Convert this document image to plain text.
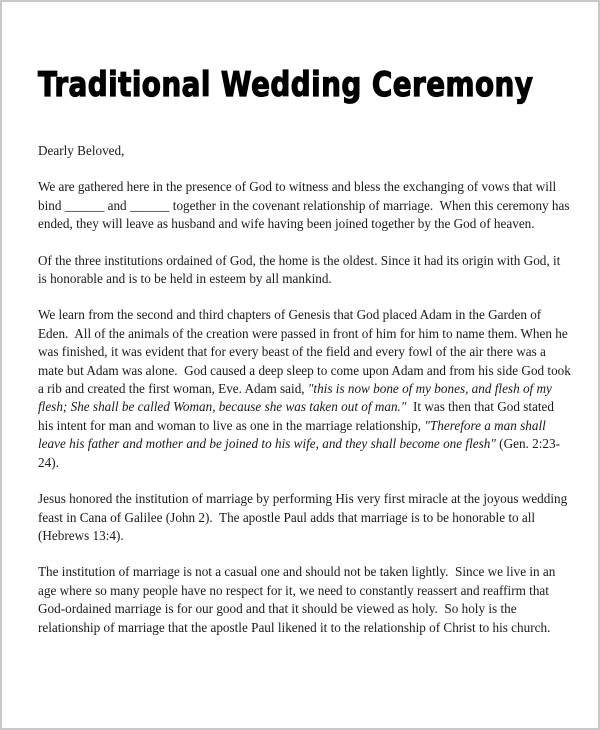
Traditional Wedding Ceremony

Dearly Beloved,

We are gathered here in the presence of God to witness and bless the exchanging of vows that will bind ______ and ______ together in the covenant relationship of marriage.  When this ceremony has ended, they will leave as husband and wife having been joined together by the God of heaven.

Of the three institutions ordained of God, the home is the oldest. Since it had its origin with God, it is honorable and is to be held in esteem by all mankind.

We learn from the second and third chapters of Genesis that God placed Adam in the Garden of Eden.  All of the animals of the creation were passed in front of him for him to name them. When he was finished, it was evident that for every beast of the field and every fowl of the air there was a mate but Adam was alone.  God caused a deep sleep to come upon Adam and from his side God took a rib and created the first woman, Eve. Adam said, "this is now bone of my bones, and flesh of my flesh; She shall be called Woman, because she was taken out of man."  It was then that God stated his intent for man and woman to live as one in the marriage relationship, "Therefore a man shall leave his father and mother and be joined to his wife, and they shall become one flesh" (Gen. 2:23-24).

Jesus honored the institution of marriage by performing His very first miracle at the joyous wedding feast in Cana of Galilee (John 2).  The apostle Paul adds that marriage is to be honorable to all (Hebrews 13:4).

The institution of marriage is not a casual one and should not be taken lightly.  Since we live in an age where so many people have no respect for it, we need to constantly reassert and reaffirm that God-ordained marriage is for our good and that it should be viewed as holy.  So holy is the relationship of marriage that the apostle Paul likened it to the relationship of Christ to his church.
